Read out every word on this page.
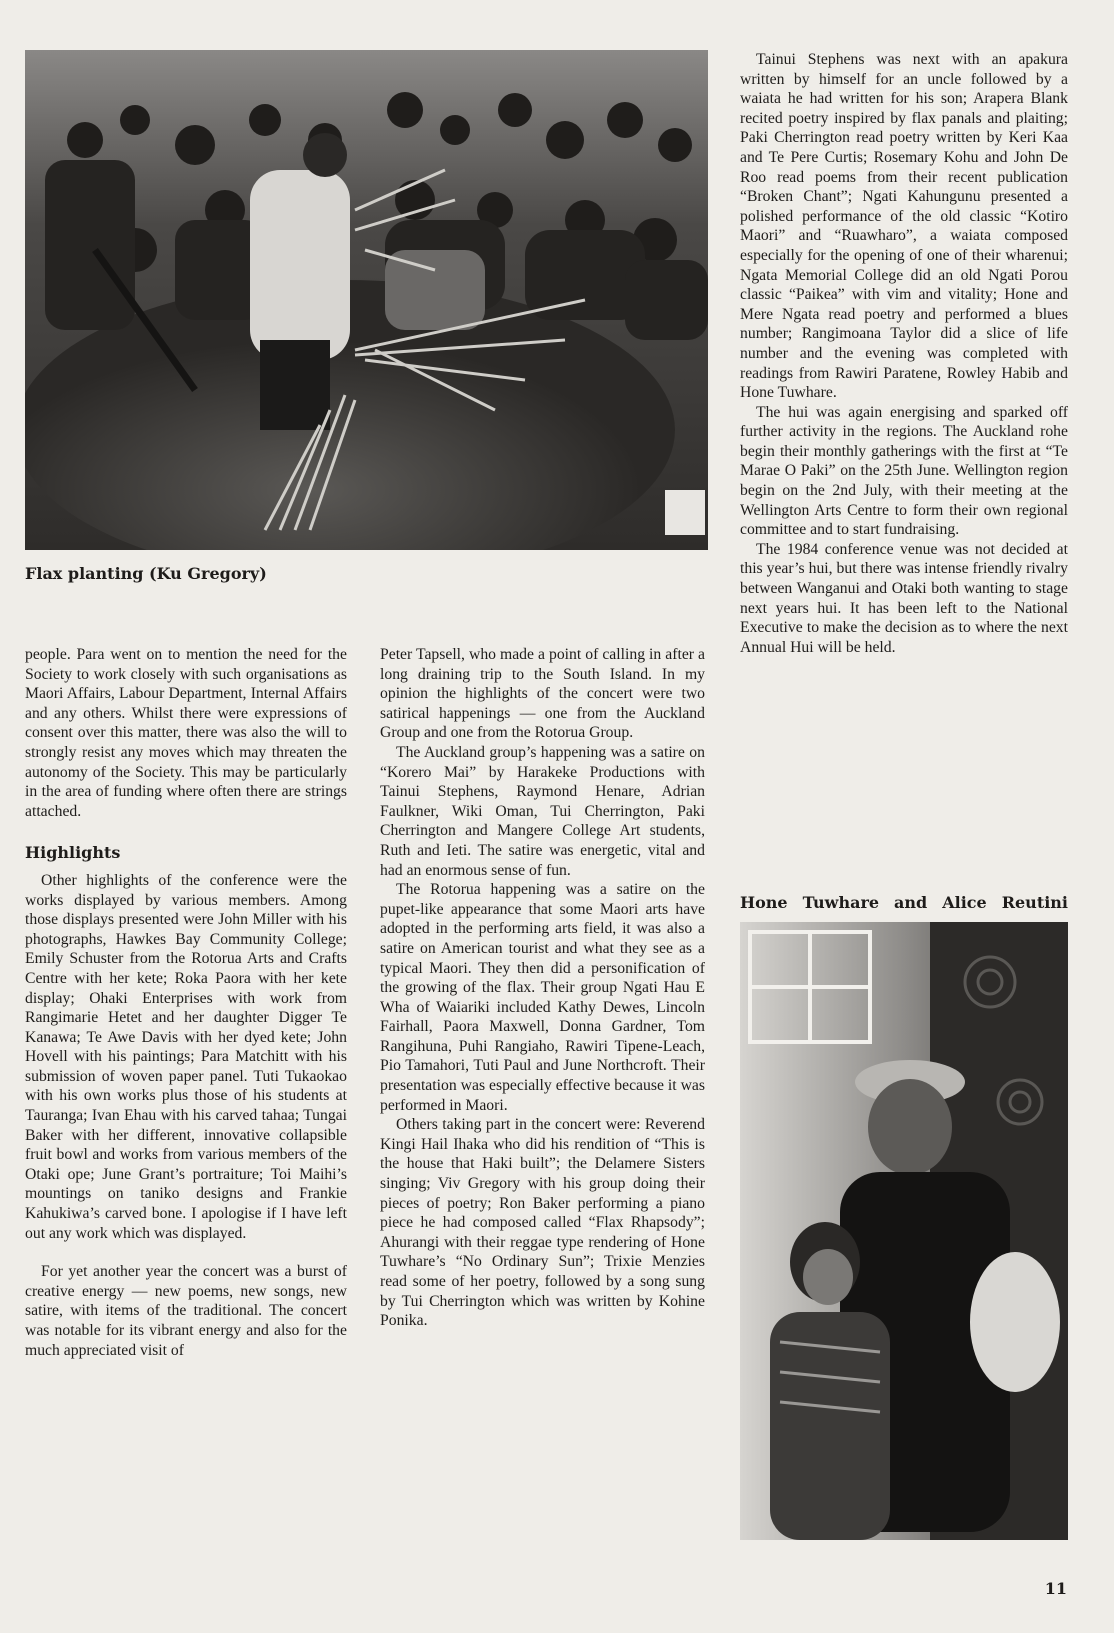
Flax planting (Ku Gregory)

people. Para went on to mention the need for the Society to work closely with such organisations as Maori Affairs, Labour Department, Internal Affairs and any others. Whilst there were expressions of consent over this matter, there was also the will to strongly resist any moves which may threaten the autonomy of the Society. This may be particularly in the area of funding where often there are strings attached.

Highlights

Other highlights of the conference were the works displayed by various members. Among those displays presented were John Miller with his photographs, Hawkes Bay Community College; Emily Schuster from the Rotorua Arts and Crafts Centre with her kete; Roka Paora with her kete display; Ohaki Enterprises with work from Rangimarie Hetet and her daughter Digger Te Kanawa; Te Awe Davis with her dyed kete; John Hovell with his paintings; Para Matchitt with his submission of woven paper panel. Tuti Tukaokao with his own works plus those of his students at Tauranga; Ivan Ehau with his carved tahaa; Tungai Baker with her different, innovative collapsible fruit bowl and works from various members of the Otaki ope; June Grant’s portraiture; Toi Maihi’s mountings on taniko designs and Frankie Kahukiwa’s carved bone. I apologise if I have left out any work which was displayed.

For yet another year the concert was a burst of creative energy — new poems, new songs, new satire, with items of the traditional. The concert was notable for its vibrant energy and also for the much appreciated visit of

Peter Tapsell, who made a point of calling in after a long draining trip to the South Island. In my opinion the highlights of the concert were two satirical happenings — one from the Auckland Group and one from the Rotorua Group.

The Auckland group’s happening was a satire on “Korero Mai” by Harakeke Productions with Tainui Stephens, Raymond Henare, Adrian Faulkner, Wiki Oman, Tui Cherrington, Paki Cherrington and Mangere College Art students, Ruth and Ieti. The satire was energetic, vital and had an enormous sense of fun.

The Rotorua happening was a satire on the pupet-like appearance that some Maori arts have adopted in the performing arts field, it was also a satire on American tourist and what they see as a typical Maori. They then did a personification of the growing of the flax. Their group Ngati Hau E Wha of Waiariki included Kathy Dewes, Lincoln Fairhall, Paora Maxwell, Donna Gardner, Tom Rangihuna, Puhi Rangiaho, Rawiri Tipene-Leach, Pio Tamahori, Tuti Paul and June Northcroft. Their presentation was especially effective because it was performed in Maori.

Others taking part in the concert were: Reverend Kingi Hail Ihaka who did his rendition of “This is the house that Haki built”; the Delamere Sisters singing; Viv Gregory with his group doing their pieces of poetry; Ron Baker performing a piano piece he had composed called “Flax Rhapsody”; Ahurangi with their reggae type rendering of Hone Tuwhare’s “No Ordinary Sun”; Trixie Menzies read some of her poetry, followed by a song sung by Tui Cherrington which was written by Kohine Ponika.

Tainui Stephens was next with an apakura written by himself for an uncle followed by a waiata he had written for his son; Arapera Blank recited poetry inspired by flax panals and plaiting; Paki Cherrington read poetry written by Keri Kaa and Te Pere Curtis; Rosemary Kohu and John De Roo read poems from their recent publication “Broken Chant”; Ngati Kahungunu presented a polished performance of the old classic “Kotiro Maori” and “Ruawharo”, a waiata composed especially for the opening of one of their wharenui; Ngata Memorial College did an old Ngati Porou classic “Paikea” with vim and vitality; Hone and Mere Ngata read poetry and performed a blues number; Rangimoana Taylor did a slice of life number and the evening was completed with readings from Rawiri Paratene, Rowley Habib and Hone Tuwhare.

The hui was again energising and sparked off further activity in the regions. The Auckland rohe begin their monthly gatherings with the first at “Te Marae O Paki” on the 25th June. Wellington region begin on the 2nd July, with their meeting at the Wellington Arts Centre to form their own regional committee and to start fundraising.

The 1984 conference venue was not decided at this year’s hui, but there was intense friendly rivalry between Wanganui and Otaki both wanting to stage next years hui. It has been left to the National Executive to make the decision as to where the next Annual Hui will be held.

Hone Tuwhare and Alice Reutini
11
